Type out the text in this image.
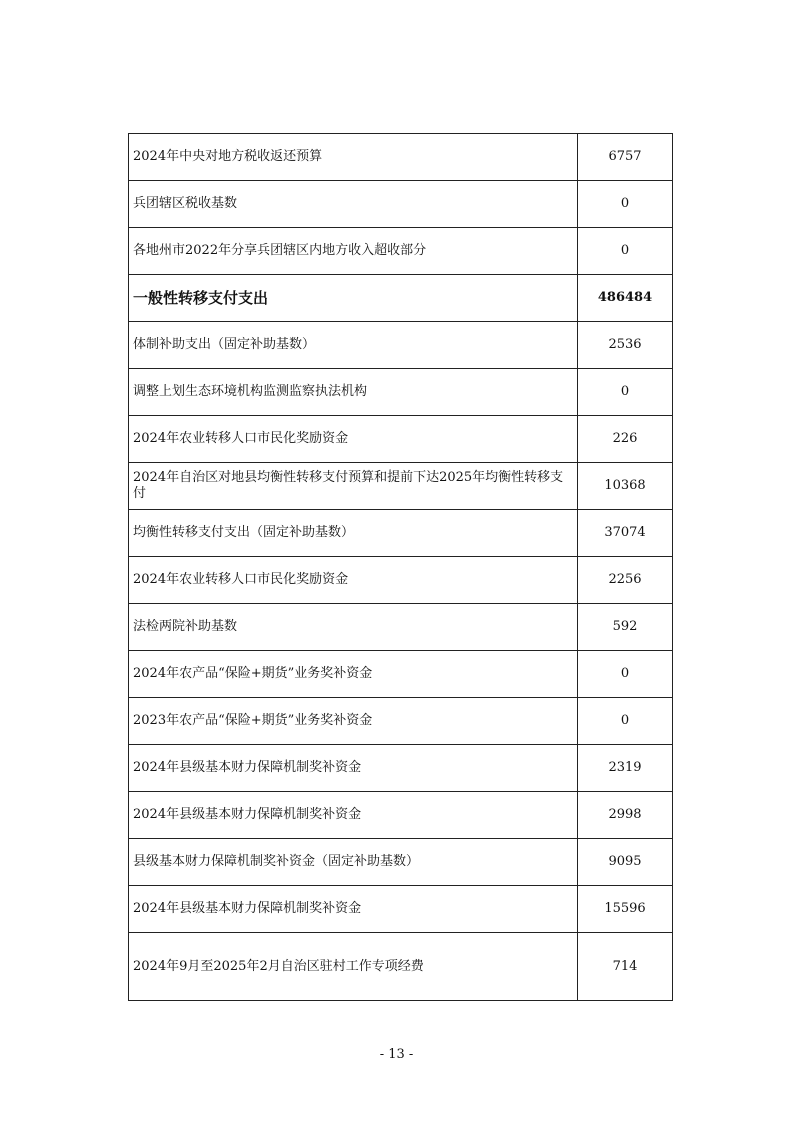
2024年中央对地方税收返还预算	6757
兵团辖区税收基数	0
各地州市2022年分享兵团辖区内地方收入超收部分	0
一般性转移支付支出	486484
体制补助支出（固定补助基数）	2536
调整上划生态环境机构监测监察执法机构	0
2024年农业转移人口市民化奖励资金	226
2024年自治区对地县均衡性转移支付预算和提前下达2025年均衡性转移支付	10368
均衡性转移支付支出（固定补助基数）	37074
2024年农业转移人口市民化奖励资金	2256
法检两院补助基数	592
2024年农产品“保险+期货”业务奖补资金	0
2023年农产品“保险+期货”业务奖补资金	0
2024年县级基本财力保障机制奖补资金	2319
2024年县级基本财力保障机制奖补资金	2998
县级基本财力保障机制奖补资金（固定补助基数）	9095
2024年县级基本财力保障机制奖补资金	15596
2024年9月至2025年2月自治区驻村工作专项经费	714
- 13 -
